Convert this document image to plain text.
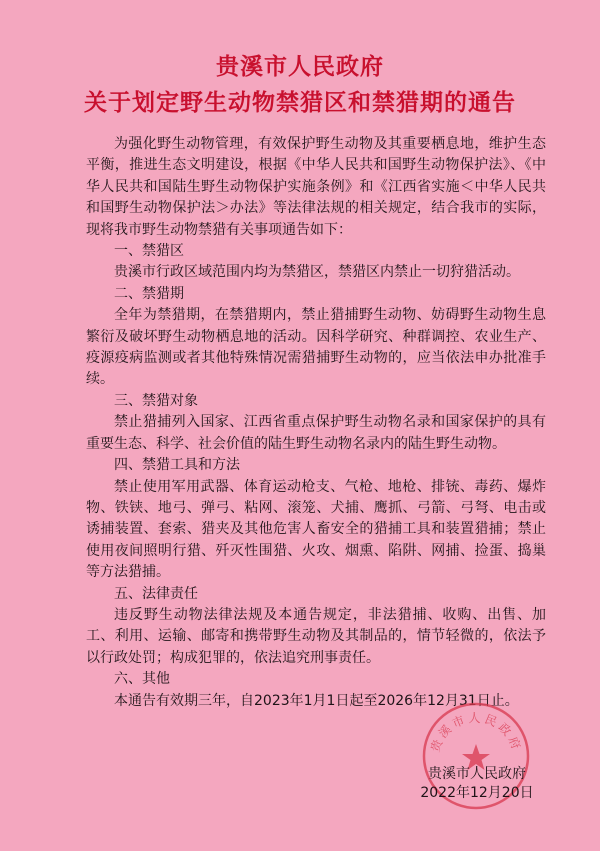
贵溪市人民政府
关于划定野生动物禁猎区和禁猎期的通告

为强化野生动物管理，有效保护野生动物及其重要栖息地，维护生态平衡，推进生态文明建设，根据《中华人民共和国野生动物保护法》、《中华人民共和国陆生野生动物保护实施条例》和《江西省实施＜中华人民共和国野生动物保护法＞办法》等法律法规的相关规定，结合我市的实际，现将我市野生动物禁猎有关事项通告如下：

一、禁猎区

贵溪市行政区域范围内均为禁猎区，禁猎区内禁止一切狩猎活动。

二、禁猎期

全年为禁猎期，在禁猎期内，禁止猎捕野生动物、妨碍野生动物生息繁衍及破坏野生动物栖息地的活动。因科学研究、种群调控、农业生产、疫源疫病监测或者其他特殊情况需猎捕野生动物的，应当依法申办批准手续。

三、禁猎对象

禁止猎捕列入国家、江西省重点保护野生动物名录和国家保护的具有重要生态、科学、社会价值的陆生野生动物名录内的陆生野生动物。

四、禁猎工具和方法

禁止使用军用武器、体育运动枪支、气枪、地枪、排铳、毒药、爆炸物、铁铗、地弓、弹弓、粘网、滚笼、犬捕、鹰抓、弓箭、弓弩、电击或诱捕装置、套索、猎夹及其他危害人畜安全的猎捕工具和装置猎捕；禁止使用夜间照明行猎、歼灭性围猎、火攻、烟熏、陷阱、网捕、捡蛋、捣巢等方法猎捕。

五、法律责任

违反野生动物法律法规及本通告规定，非法猎捕、收购、出售、加工、利用、运输、邮寄和携带野生动物及其制品的，情节轻微的，依法予以行政处罚；构成犯罪的，依法追究刑事责任。

六、其他

本通告有效期三年，自2023年1月1日起至2026年12月31日止。

贵溪市人民政府
贵溪市人民政府
2022年12月20日
